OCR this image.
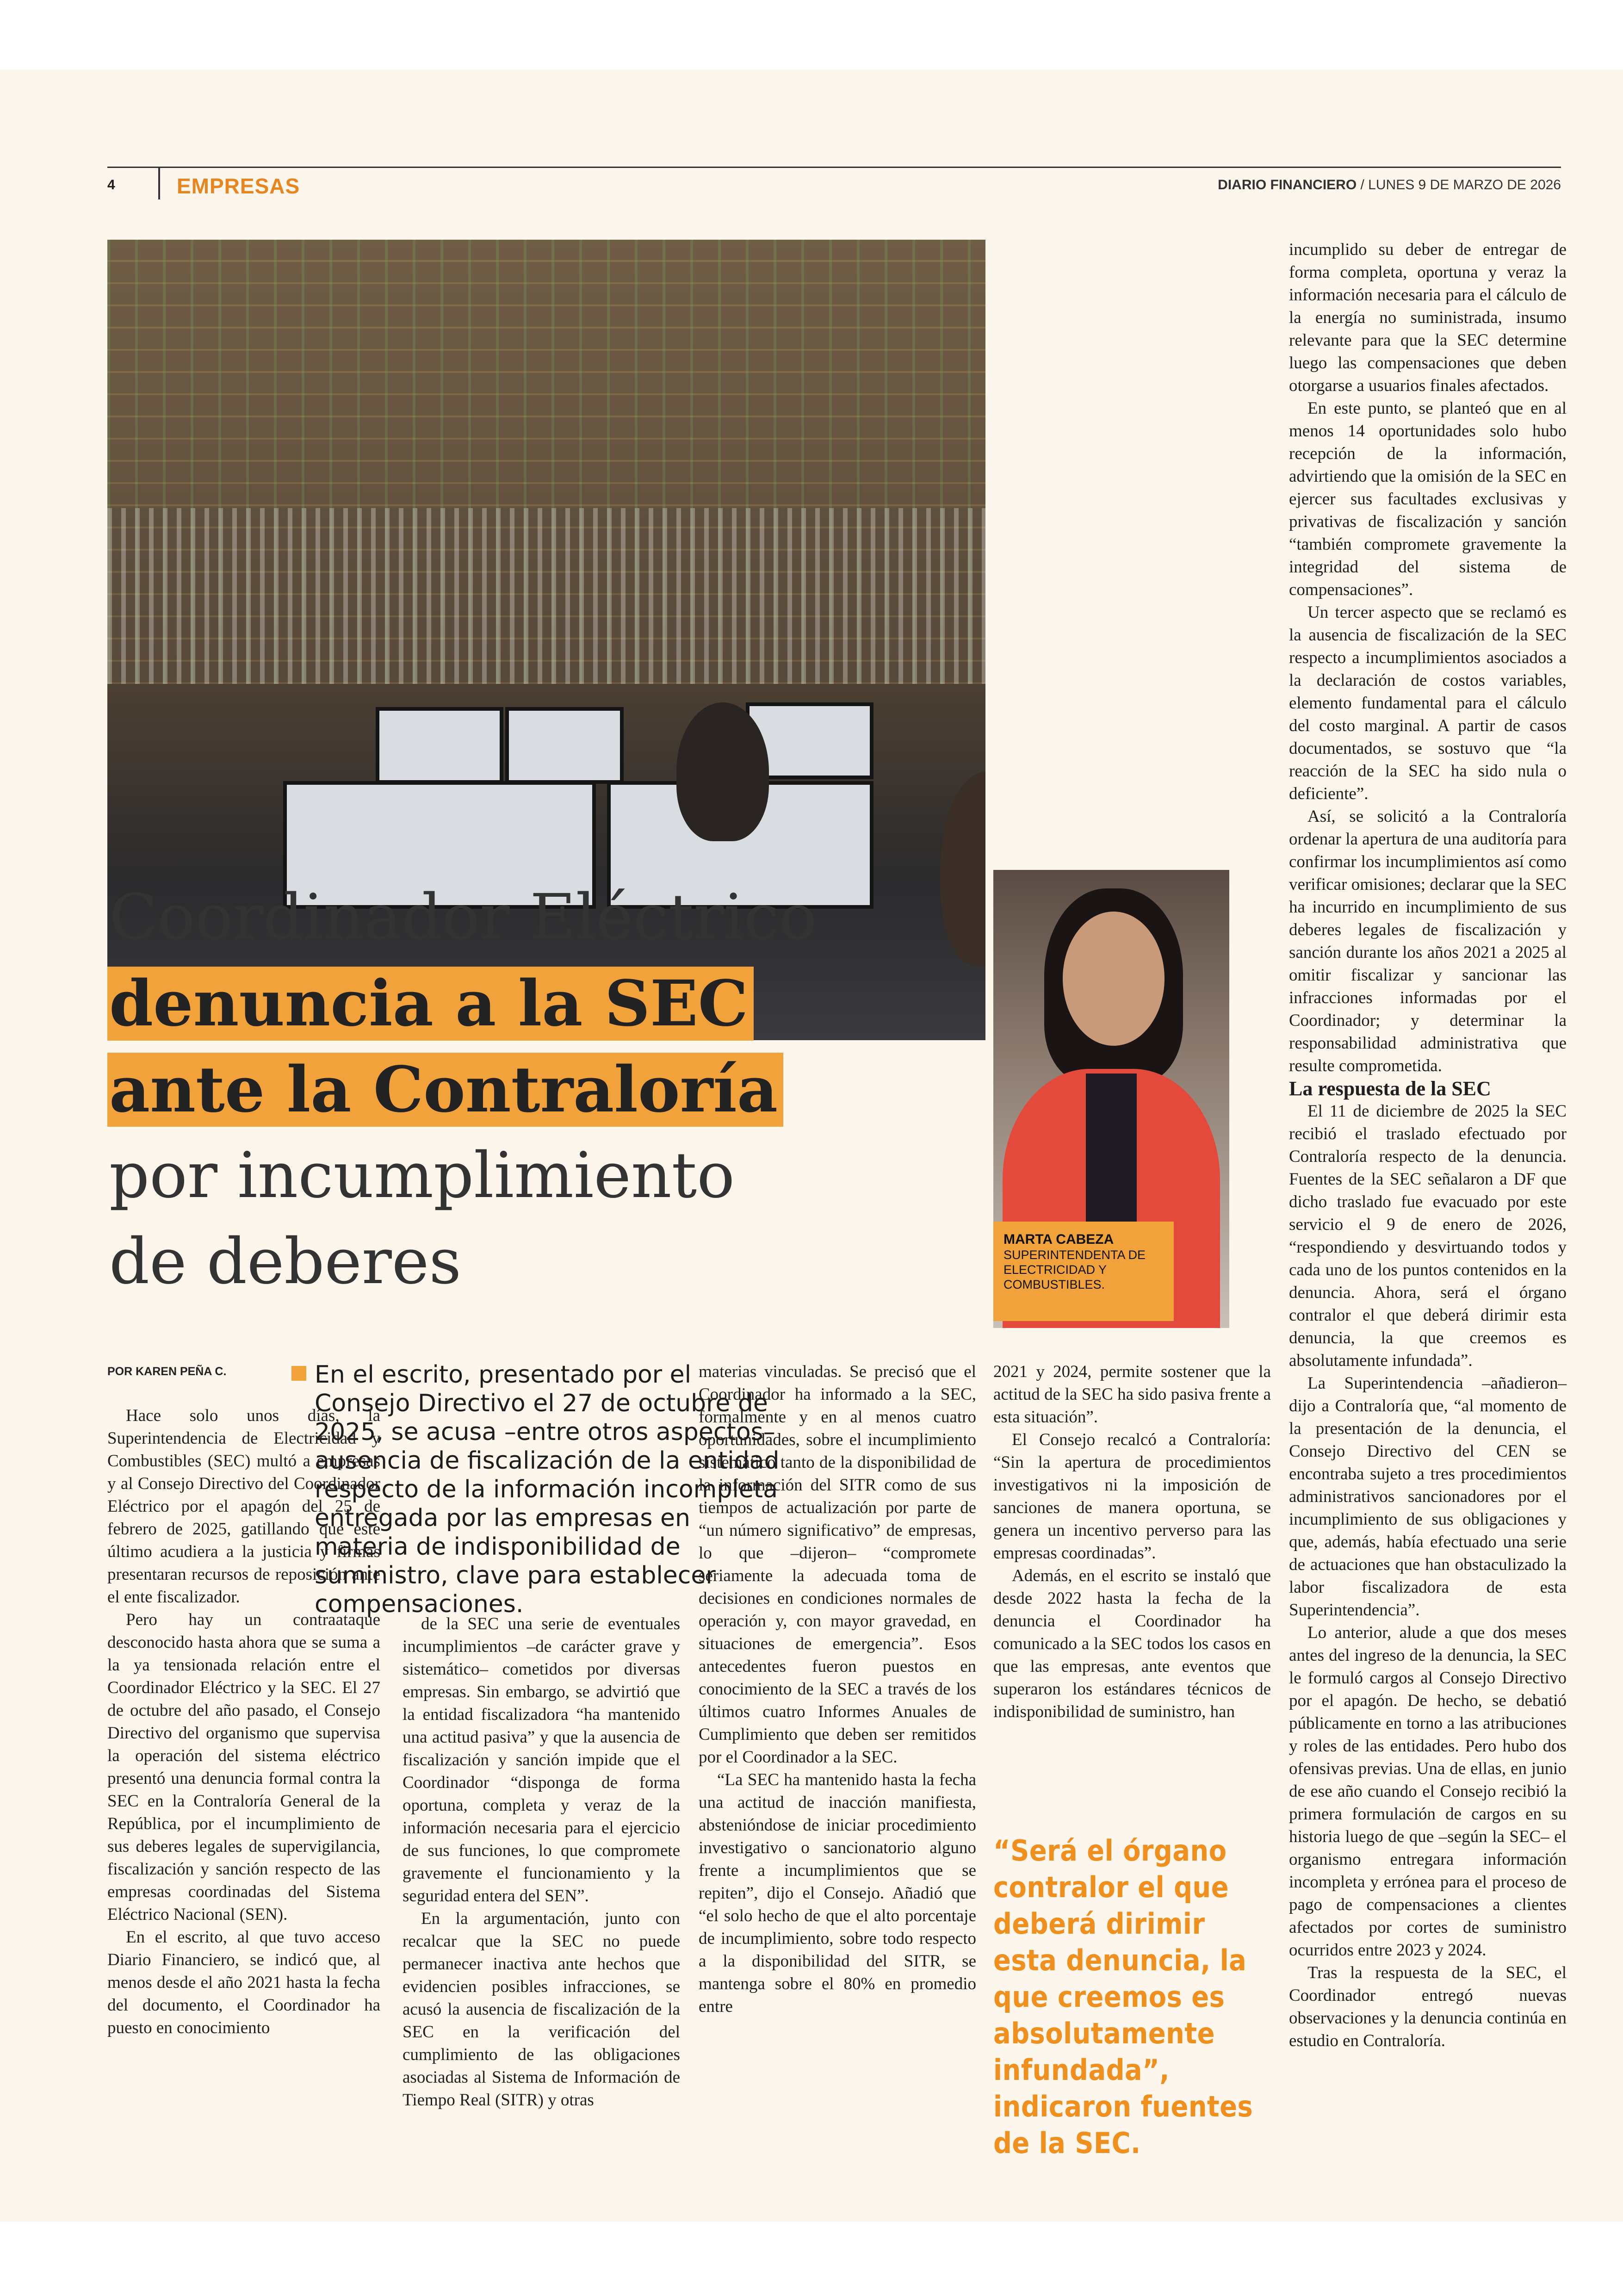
4	EMPRESAS	DIARIO FINANCIERO / LUNES 9 DE MARZO DE 2026
MARTA CABEZA
SUPERINTENDENTA DE ELECTRICIDAD Y COMBUSTIBLES.
Coordinador Eléctrico
denuncia a la SEC
ante la Contraloría
por incumplimiento
de deberes
POR KAREN PEÑA C.	En el escrito, presentado por el Consejo Directivo el 27 de octubre de 2025, se acusa –entre otros aspectos– ausencia de fiscalización de la entidad respecto de la información incompleta entregada por las empresas en materia de indisponibilidad de suministro, clave para establecer compensaciones.

Hace solo unos días, la Superintendencia de Electricidad y Combustibles (SEC) multó a empresas y al Consejo Directivo del Coordinador Eléctrico por el apagón del 25 de febrero de 2025, gatillando que este último acudiera a la justicia y firmas presentaran recursos de reposición ante el ente fiscalizador.

Pero hay un contraataque desconocido hasta ahora que se suma a la ya tensionada relación entre el Coordinador Eléctrico y la SEC. El 27 de octubre del año pasado, el Consejo Directivo del organismo que supervisa la operación del sistema eléctrico presentó una denuncia formal contra la SEC en la Contraloría General de la República, por el incumplimiento de sus deberes legales de supervigilancia, fiscalización y sanción respecto de las empresas coordinadas del Sistema Eléctrico Nacional (SEN).

En el escrito, al que tuvo acceso Diario Financiero, se indicó que, al menos desde el año 2021 hasta la fecha del documento, el Coordinador ha puesto en conocimiento

de la SEC una serie de eventuales incumplimientos –de carácter grave y sistemático– cometidos por diversas empresas. Sin embargo, se advirtió que la entidad fiscalizadora “ha mantenido una actitud pasiva” y que la ausencia de fiscalización y sanción impide que el Coordinador “disponga de forma oportuna, completa y veraz de la información necesaria para el ejercicio de sus funciones, lo que compromete gravemente el funcionamiento y la seguridad entera del SEN”.

En la argumentación, junto con recalcar que la SEC no puede permanecer inactiva ante hechos que evidencien posibles infracciones, se acusó la ausencia de fiscalización de la SEC en la verificación del cumplimiento de las obligaciones asociadas al Sistema de Información de Tiempo Real (SITR) y otras

materias vinculadas. Se precisó que el Coordinador ha informado a la SEC, formalmente y en al menos cuatro oportunidades, sobre el incumplimiento sistemático tanto de la disponibilidad de la información del SITR como de sus tiempos de actualización por parte de “un número significativo” de empresas, lo que –dijeron– “compromete seriamente la adecuada toma de decisiones en condiciones normales de operación y, con mayor gravedad, en situaciones de emergencia”. Esos antecedentes fueron puestos en conocimiento de la SEC a través de los últimos cuatro Informes Anuales de Cumplimiento que deben ser remitidos por el Coordinador a la SEC.

“La SEC ha mantenido hasta la fecha una actitud de inacción manifiesta, abstenióndose de iniciar procedimiento investigativo o sancionatorio alguno frente a incumplimientos que se repiten”, dijo el Consejo. Añadió que “el solo hecho de que el alto porcentaje de incumplimiento, sobre todo respecto a la disponibilidad del SITR, se mantenga sobre el 80% en promedio entre

2021 y 2024, permite sostener que la actitud de la SEC ha sido pasiva frente a esta situación”.

El Consejo recalcó a Contraloría: “Sin la apertura de procedimientos investigativos ni la imposición de sanciones de manera oportuna, se genera un incentivo perverso para las empresas coordinadas”.

Además, en el escrito se instaló que desde 2022 hasta la fecha de la denuncia el Coordinador ha comunicado a la SEC todos los casos en que las empresas, ante eventos que superaron los estándares técnicos de indisponibilidad de suministro, han

“Será el órgano contralor el que deberá dirimir esta denuncia, la que creemos es absolutamente infundada”, indicaron fuentes de la SEC.

incumplido su deber de entregar de forma completa, oportuna y veraz la información necesaria para el cálculo de la energía no suministrada, insumo relevante para que la SEC determine luego las compensaciones que deben otorgarse a usuarios finales afectados.

En este punto, se planteó que en al menos 14 oportunidades solo hubo recepción de la información, advirtiendo que la omisión de la SEC en ejercer sus facultades exclusivas y privativas de fiscalización y sanción “también compromete gravemente la integridad del sistema de compensaciones”.

Un tercer aspecto que se reclamó es la ausencia de fiscalización de la SEC respecto a incumplimientos asociados a la declaración de costos variables, elemento fundamental para el cálculo del costo marginal. A partir de casos documentados, se sostuvo que “la reacción de la SEC ha sido nula o deficiente”.

Así, se solicitó a la Contraloría ordenar la apertura de una auditoría para confirmar los incumplimientos así como verificar omisiones; declarar que la SEC ha incurrido en incumplimiento de sus deberes legales de fiscalización y sanción durante los años 2021 a 2025 al omitir fiscalizar y sancionar las infracciones informadas por el Coordinador; y determinar la responsabilidad administrativa que resulte comprometida.

La respuesta de la SEC

El 11 de diciembre de 2025 la SEC recibió el traslado efectuado por Contraloría respecto de la denuncia. Fuentes de la SEC señalaron a DF que dicho traslado fue evacuado por este servicio el 9 de enero de 2026, “respondiendo y desvirtuando todos y cada uno de los puntos contenidos en la denuncia. Ahora, será el órgano contralor el que deberá dirimir esta denuncia, la que creemos es absolutamente infundada”.

La Superintendencia –añadieron– dijo a Contraloría que, “al momento de la presentación de la denuncia, el Consejo Directivo del CEN se encontraba sujeto a tres procedimientos administrativos sancionadores por el incumplimiento de sus obligaciones y que, además, había efectuado una serie de actuaciones que han obstaculizado la labor fiscalizadora de esta Superintendencia”.

Lo anterior, alude a que dos meses antes del ingreso de la denuncia, la SEC le formuló cargos al Consejo Directivo por el apagón. De hecho, se debatió públicamente en torno a las atribuciones y roles de las entidades. Pero hubo dos ofensivas previas. Una de ellas, en junio de ese año cuando el Consejo recibió la primera formulación de cargos en su historia luego de que –según la SEC– el organismo entregara información incompleta y errónea para el proceso de pago de compensaciones a clientes afectados por cortes de suministro ocurridos entre 2023 y 2024.

Tras la respuesta de la SEC, el Coordinador entregó nuevas observaciones y la denuncia continúa en estudio en Contraloría.
